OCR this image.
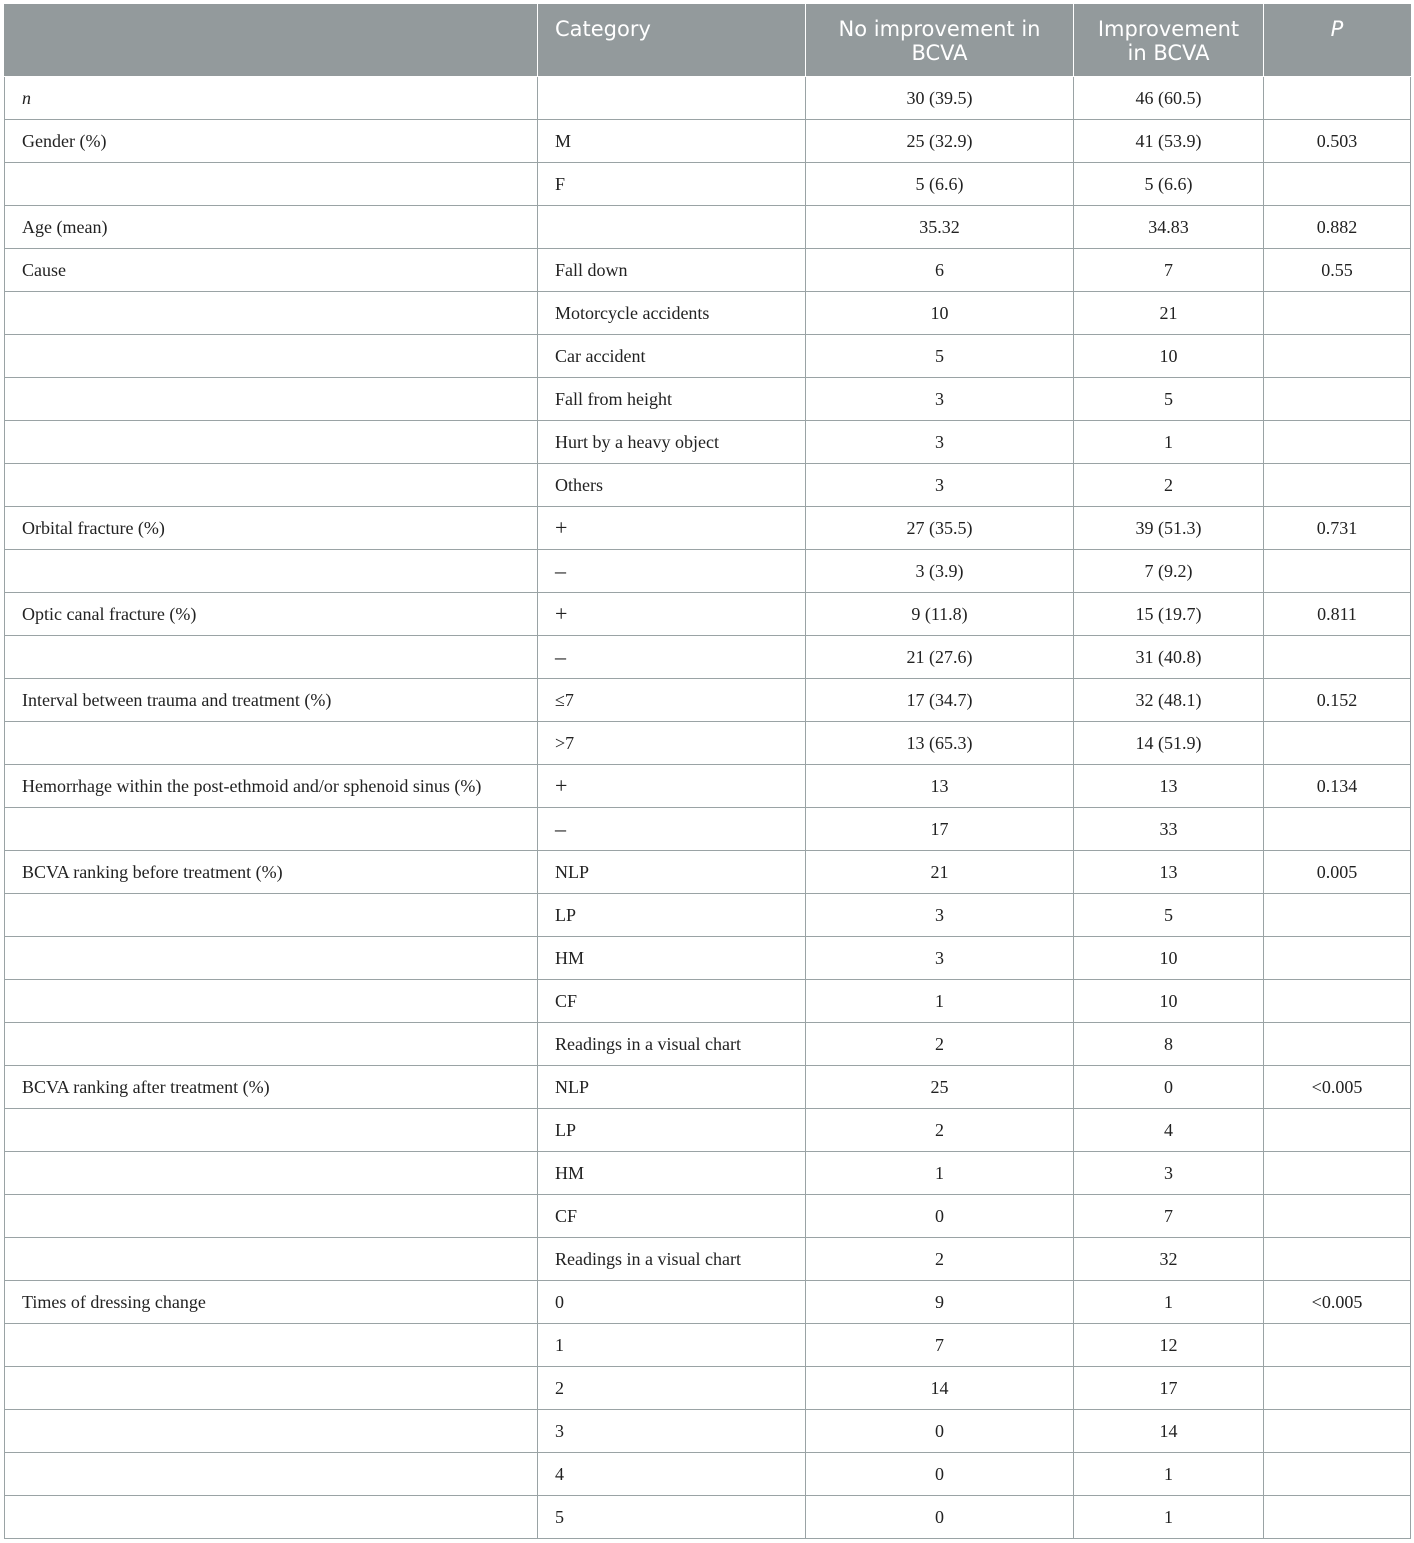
	Category	No improvement in BCVA	Improvement in BCVA	P
n		30 (39.5)	46 (60.5)	
Gender (%)	M	25 (32.9)	41 (53.9)	0.503
	F	5 (6.6)	5 (6.6)	
Age (mean)		35.32	34.83	0.882
Cause	Fall down	6	7	0.55
	Motorcycle accidents	10	21	
	Car accident	5	10	
	Fall from height	3	5	
	Hurt by a heavy object	3	1	
	Others	3	2	
Orbital fracture (%)	+	27 (35.5)	39 (51.3)	0.731
	–	3 (3.9)	7 (9.2)	
Optic canal fracture (%)	+	9 (11.8)	15 (19.7)	0.811
	–	21 (27.6)	31 (40.8)	
Interval between trauma and treatment (%)	≤7	17 (34.7)	32 (48.1)	0.152
	>7	13 (65.3)	14 (51.9)	
Hemorrhage within the post-ethmoid and/or sphenoid sinus (%)	+	13	13	0.134
	–	17	33	
BCVA ranking before treatment (%)	NLP	21	13	0.005
	LP	3	5	
	HM	3	10	
	CF	1	10	
	Readings in a visual chart	2	8	
BCVA ranking after treatment (%)	NLP	25	0	<0.005
	LP	2	4	
	HM	1	3	
	CF	0	7	
	Readings in a visual chart	2	32	
Times of dressing change	0	9	1	<0.005
	1	7	12	
	2	14	17	
	3	0	14	
	4	0	1	
	5	0	1	
